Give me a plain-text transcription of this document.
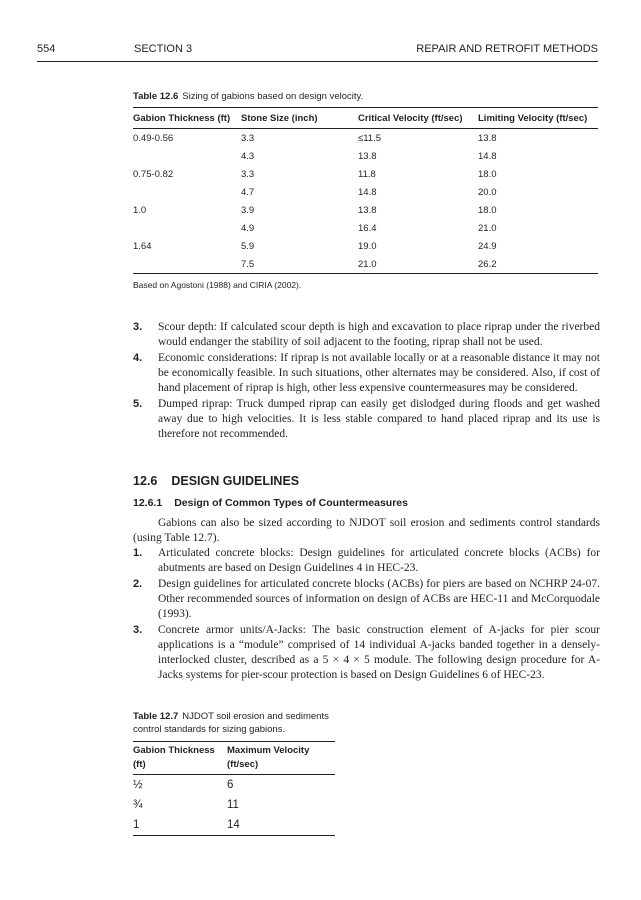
554	SECTION 3	REPAIR AND RETROFIT METHODS
Table 12.6 Sizing of gabions based on design velocity.
Gabion Thickness (ft)	Stone Size (inch)	Critical Velocity (ft/sec)	Limiting Velocity (ft/sec)
0.49-0.56	3.3	≤11.5	13.8
	4.3	13.8	14.8
0.75-0.82	3.3	11.8	18.0
	4.7	14.8	20.0
1.0	3.9	13.8	18.0
	4.9	16.4	21.0
1.64	5.9	19.0	24.9
	7.5	21.0	26.2
Based on Agostoni (1988) and CIRIA (2002).
3. Scour depth: If calculated scour depth is high and excavation to place riprap under the riverbed would endanger the stability of soil adjacent to the footing, riprap shall not be used.
4. Economic considerations: If riprap is not available locally or at a reasonable distance it may not be economically feasible. In such situations, other alternates may be considered. Also, if cost of hand placement of riprap is high, other less expensive countermeasures may be considered.
5. Dumped riprap: Truck dumped riprap can easily get dislodged during floods and get washed away due to high velocities. It is less stable compared to hand placed riprap and its use is therefore not recommended.
12.6 DESIGN GUIDELINES
12.6.1 Design of Common Types of Countermeasures
Gabions can also be sized according to NJDOT soil erosion and sediments control standards (using Table 12.7).
1. Articulated concrete blocks: Design guidelines for articulated concrete blocks (ACBs) for abutments are based on Design Guidelines 4 in HEC-23.
2. Design guidelines for articulated concrete blocks (ACBs) for piers are based on NCHRP 24-07. Other recommended sources of information on design of ACBs are HEC-11 and McCorquodale (1993).
3. Concrete armor units/A-Jacks: The basic construction element of A-jacks for pier scour applications is a “module” comprised of 14 individual A-jacks banded together in a densely-interlocked cluster, described as a 5 × 4 × 5 module. The following design procedure for A-Jacks systems for pier-scour protection is based on Design Guidelines 6 of HEC-23.
Table 12.7 NJDOT soil erosion and sediments control standards for sizing gabions.
Gabion Thickness (ft)	Maximum Velocity (ft/sec)
½	6
¾	11
1	14
